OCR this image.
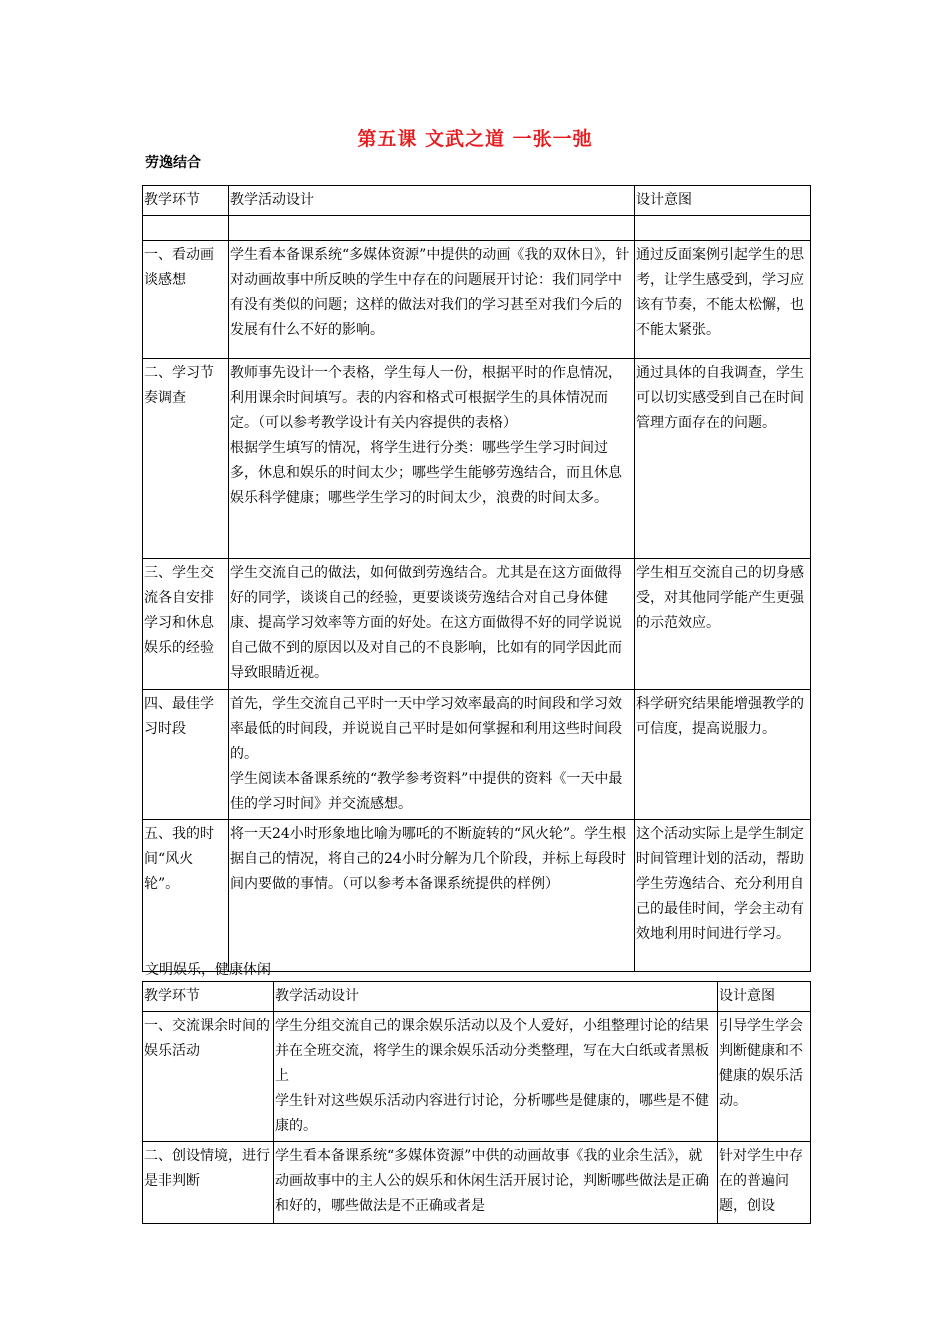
第五课 文武之道 一张一弛
劳逸结合
教学环节	教学活动设计	设计意图

一、看动画谈感想	学生看本备课系统“多媒体资源”中提供的动画《我的双休日》，针对动画故事中所反映的学生中存在的问题展开讨论：我们同学中有没有类似的问题；这样的做法对我们的学习甚至对我们今后的发展有什么不好的影响。	通过反面案例引起学生的思考，让学生感受到，学习应该有节奏，不能太松懈，也不能太紧张。
二、学习节奏调查	教师事先设计一个表格，学生每人一份，根据平时的作息情况，利用课余时间填写。表的内容和格式可根据学生的具体情况而定。（可以参考教学设计有关内容提供的表格）
根据学生填写的情况，将学生进行分类：哪些学生学习时间过多，休息和娱乐的时间太少；哪些学生能够劳逸结合，而且休息娱乐科学健康；哪些学生学习的时间太少，浪费的时间太多。	通过具体的自我调查，学生可以切实感受到自己在时间管理方面存在的问题。
三、学生交流各自安排学习和休息娱乐的经验	学生交流自己的做法，如何做到劳逸结合。尤其是在这方面做得好的同学，谈谈自己的经验，更要谈谈劳逸结合对自己身体健康、提高学习效率等方面的好处。在这方面做得不好的同学说说自己做不到的原因以及对自己的不良影响，比如有的同学因此而导致眼睛近视。	学生相互交流自己的切身感受，对其他同学能产生更强的示范效应。
四、最佳学习时段	首先，学生交流自己平时一天中学习效率最高的时间段和学习效率最低的时间段，并说说自己平时是如何掌握和利用这些时间段的。
学生阅读本备课系统的“教学参考资料”中提供的资料《一天中最佳的学习时间》并交流感想。	科学研究结果能增强教学的可信度，提高说服力。
五、我的时间“风火轮”。	将一天24小时形象地比喻为哪吒的不断旋转的“风火轮”。学生根据自己的情况，将自己的24小时分解为几个阶段，并标上每段时间内要做的事情。（可以参考本备课系统提供的样例）	这个活动实际上是学生制定时间管理计划的活动，帮助学生劳逸结合、充分利用自己的最佳时间，学会主动有效地利用时间进行学习。
文明娱乐，健康休闲
教学环节	教学活动设计	设计意图
一、交流课余时间的娱乐活动	学生分组交流自己的课余娱乐活动以及个人爱好，小组整理讨论的结果并在全班交流，将学生的课余娱乐活动分类整理，写在大白纸或者黑板上
学生针对这些娱乐活动内容进行讨论，分析哪些是健康的，哪些是不健康的。	引导学生学会判断健康和不健康的娱乐活动。
二、创设情境，进行是非判断	学生看本备课系统“多媒体资源”中供的动画故事《我的业余生活》，就动画故事中的主人公的娱乐和休闲生活开展讨论，判断哪些做法是正确和好的，哪些做法是不正确或者是	针对学生中存在的普遍问题，创设
